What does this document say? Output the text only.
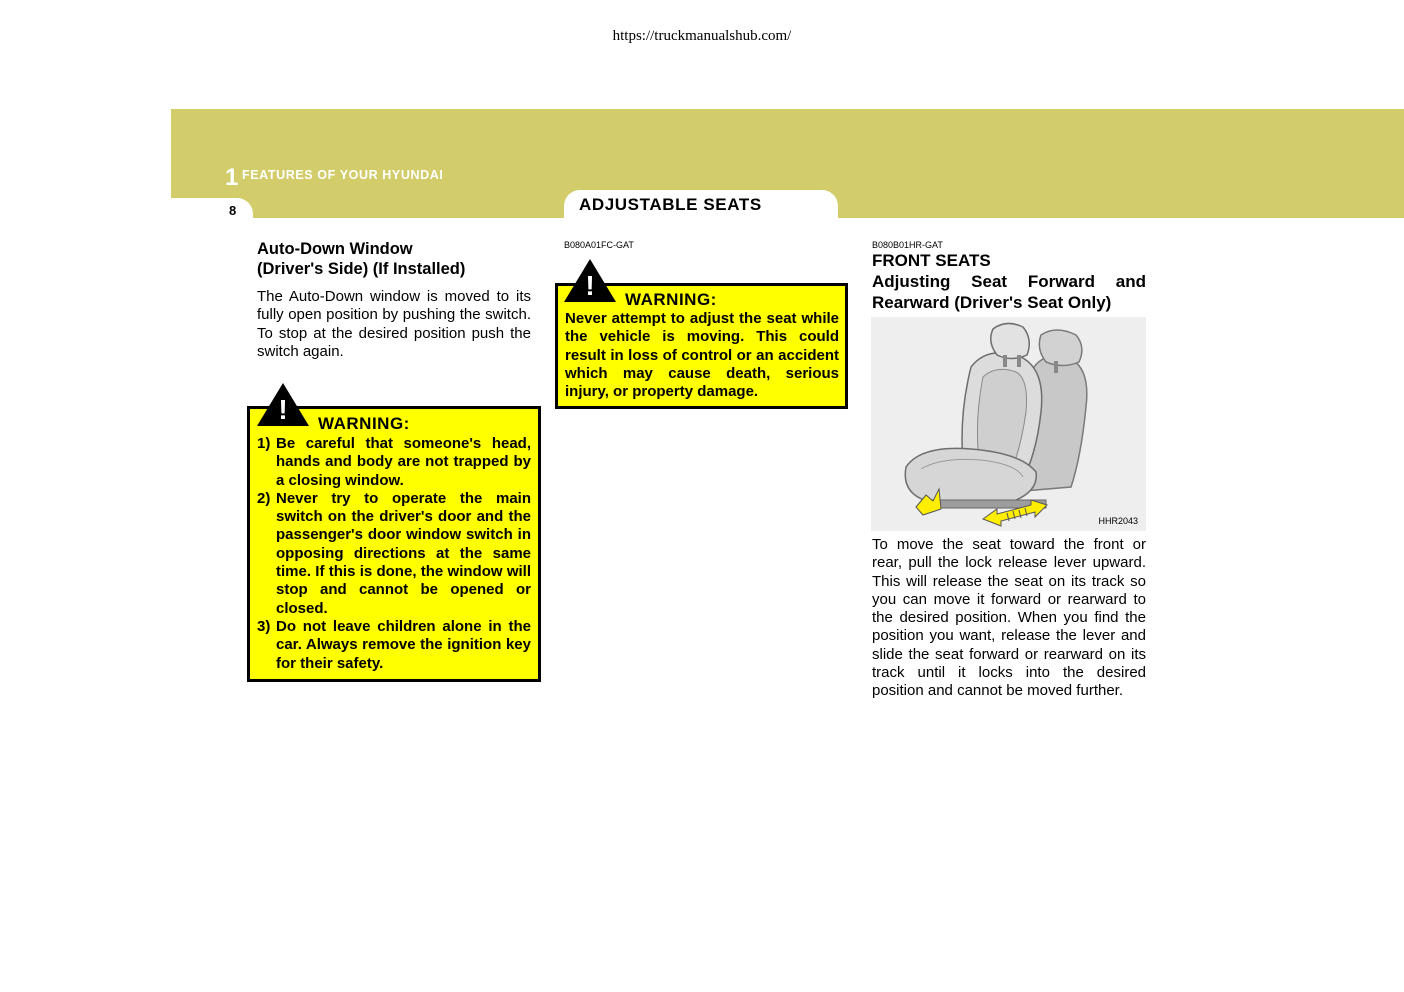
https://truckmanualshub.com/
1 FEATURES OF YOUR HYUNDAI
8	ADJUSTABLE SEATS
Auto-Down Window
(Driver's Side) (If Installed)
The Auto-Down window is moved to its fully open position by pushing the switch. To stop at the desired position push the switch again.
!	WARNING:
1) Be careful that someone's head, hands and body are not trapped by a closing window.
2) Never try to operate the main switch on the driver's door and the passenger's door window switch in opposing directions at the same time. If this is done, the window will stop and cannot be opened or closed.
3) Do not leave children alone in the car. Always remove the ignition key for their safety.
B080A01FC-GAT
!	WARNING:
Never attempt to adjust the seat while the vehicle is moving. This could result in loss of control or an accident which may cause death, serious injury, or property damage.
B080B01HR-GAT
FRONT SEATS
Adjusting Seat Forward and Rearward (Driver's Seat Only)
HHR2043
To move the seat toward the front or rear, pull the lock release lever upward. This will release the seat on its track so you can move it forward or rearward to the desired position. When you find the position you want, release the lever and slide the seat forward or rearward on its track until it locks into the desired position and cannot be moved further.
